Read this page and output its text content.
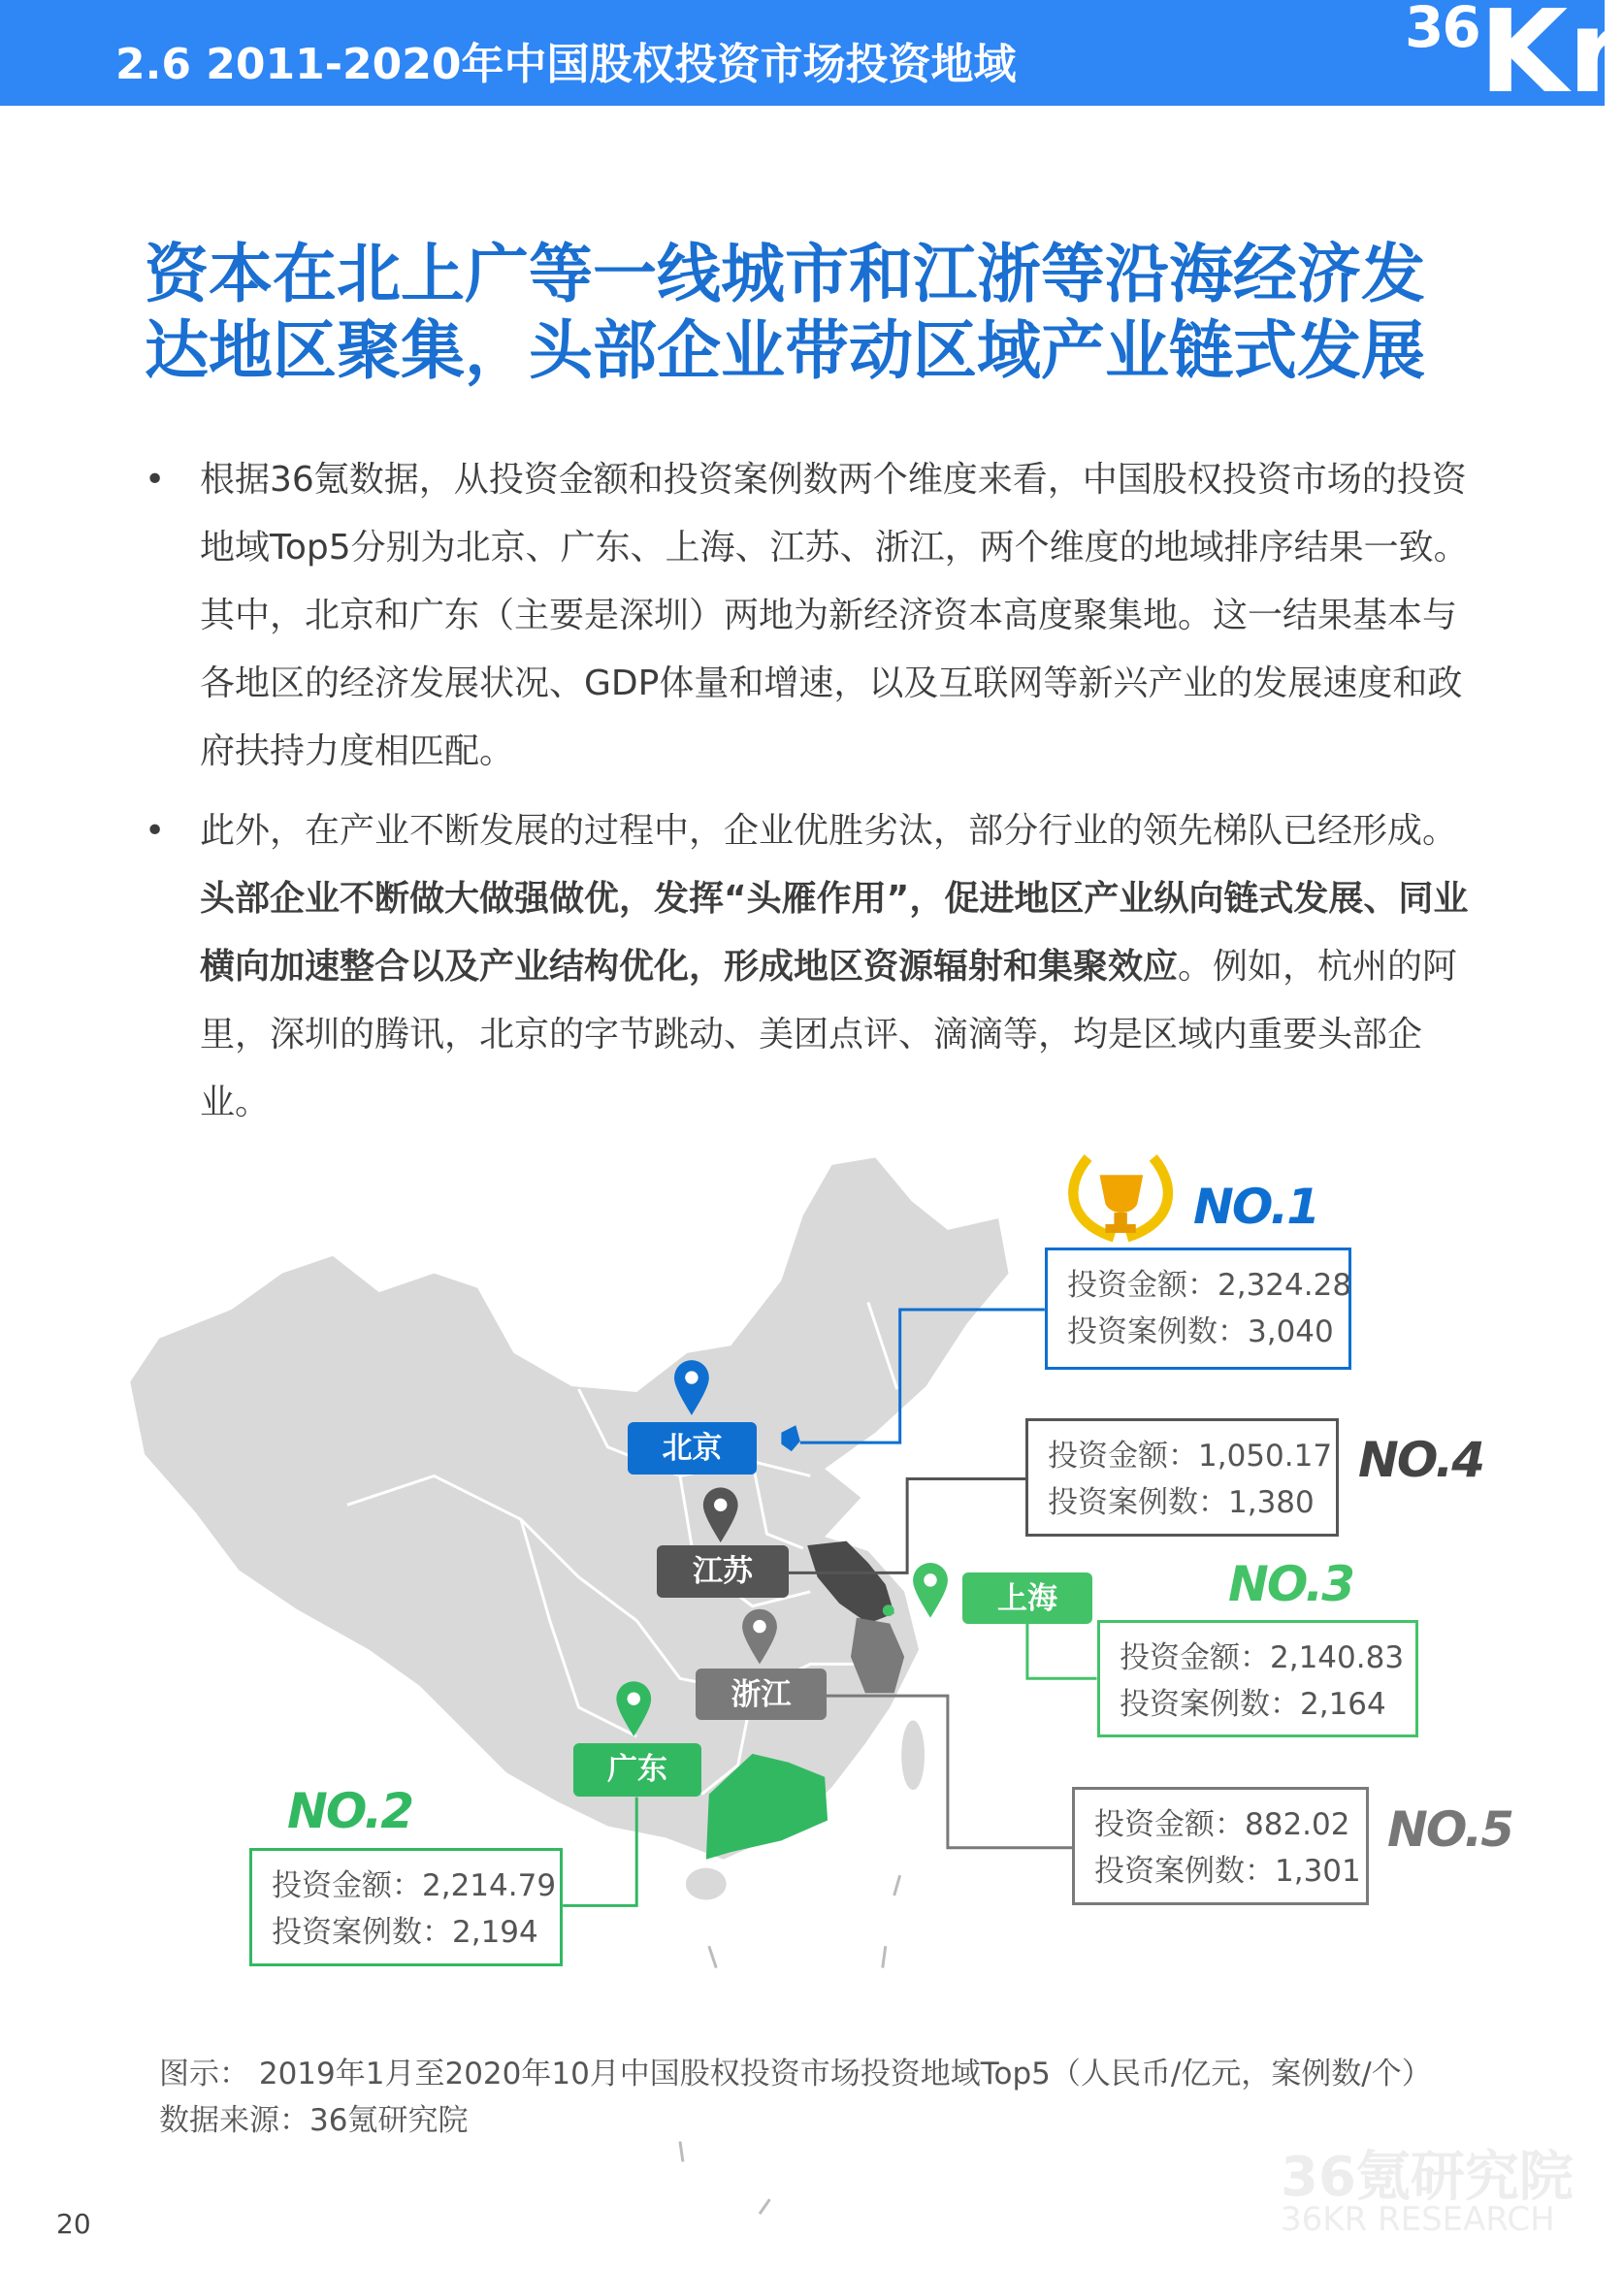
2.6 2011-2020年中国股权投资市场投资地域
36Kr
资本在北上广等一线城市和江浙等沿海经济发
达地区聚集，头部企业带动区域产业链式发展
• 根据36氪数据，从投资金额和投资案例数两个维度来看，中国股权投资市场的投资地域Top5分别为北京、广东、上海、江苏、浙江，两个维度的地域排序结果一致。其中，北京和广东（主要是深圳）两地为新经济资本高度聚集地。这一结果基本与各地区的经济发展状况、GDP体量和增速，以及互联网等新兴产业的发展速度和政府扶持力度相匹配。
• 此外，在产业不断发展的过程中，企业优胜劣汰，部分行业的领先梯队已经形成。头部企业不断做大做强做优，发挥“头雁作用”，促进地区产业纵向链式发展、同业横向加速整合以及产业结构优化，形成地区资源辐射和集聚效应。例如，杭州的阿里，深圳的腾讯，北京的字节跳动、美团点评、滴滴等，均是区域内重要头部企业。
北京
江苏
上海
浙江
广东
NO.1
NO.2
NO.3
NO.4
NO.5
投资金额：2,324.28
投资案例数：3,040
投资金额：2,214.79
投资案例数：2,194
投资金额：2,140.83
投资案例数：2,164
投资金额：1,050.17
投资案例数：1,380
投资金额：882.02
投资案例数：1,301
图示： 2019年1月至2020年10月中国股权投资市场投资地域Top5（人民币/亿元，案例数/个）
数据来源：36氪研究院
36氪研究院
36KR RESEARCH
20
